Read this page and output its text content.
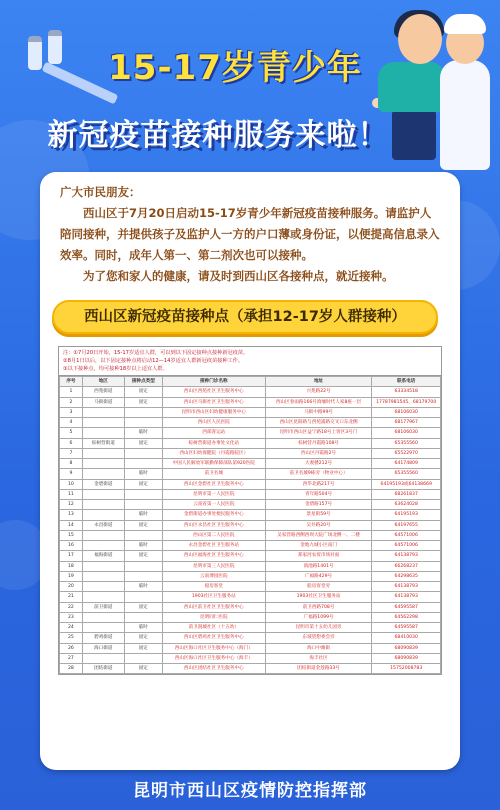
15-17岁青少年
新冠疫苗接种服务来啦！

广大市民朋友：

西山区于7月20日启动15-17岁青少年新冠疫苗接种服务。请监护人陪同接种，并提供孩子及监护人一方的户口薄或身份证，以便提高信息录入效率。同时，成年人第一、第二剂次也可以接种。

为了您和家人的健康，请及时到西山区各接种点，就近接种。

西山区新冠疫苗接种点（承担12-17岁人群接种）
注：①7月20日开始，15-17岁适宜人群，可以到以下固定接种点接种新冠疫苗。
②8月1日以后，以下固定接种点将启动12—14岁适宜人群新冠疫苗接种工作。
③以下接种点，均可接种18岁以上适宜人群。
序号	地区	接种点类型	接种门诊名称	地址	联系电话
1	西苑街道	固定	西山区西苑社区卫生服务中心	兴苑路22号	63334518
2	马街街道	固定	西山区马街社区卫生服务中心	西山区春雨路166号滇缅时代人家8座一层	17787981545、68179700
3			昆明市西山区妇幼健康服务中心	马街中路99号	68106030
4			西山区人民医院	西山区昆阳路与西苑浦路交叉口东北侧	68177967
5		临时	西部客运站	昆明市西山区益宁路18号上客区3号门	68106030
6	棕树营街道	固定	棕树营街道办事处文化站	棕树营丹霞路108号	65355560
7			西山区妇幼保健院（丹霞路院区）	西山区丹霞路2号	65522970
8			中国人民解放军联勤保障部队第920医院	大观楼212号	64174809
9		临时	前卫名城	前卫名城9栋旁（物业中心）	65355560
10	金碧街道	固定	西山区金碧社区卫生服务中心	西华北路217号	64195193或64138669
11			昆明市第一人民医院	青年路504号	68261837
12			云南省第一人民医院	金碧路157号	63624028
13		临时	金碧街道办事处便民服务中心	景星街59号	64195193
14	永昌街道	固定	西山区永昌社区卫生服务中心	吴井路20号	64197655
15			西山区第二人民医院	吴家营路西侧西坝大院广场北侧一、二楼	64571006
16		临时	永昌金碧社区卫生服务站	金地九城小区南门	64571006
17	福海街道	固定	西山区福海社区卫生服务中心	郑家河农贸市场对面	64138793
18			昆明市第三人民医院	滇池路1401号	66268237
19			云南博园医院	广福路429号	64298635
20		临时	船房客堂	船房客堂旁	64138793
21			1903社区卫生服务站	1903社区卫生服务站	64138793
22	前卫街道	固定	西山区前卫社区卫生服务中心	前卫西路708号	64595587
23			昆明同仁医院	广福路1099号	64562298
24		临时	前卫润城社区（十五幼）	昆明市第十五幼儿园旁	64595587
25	碧鸡街道	固定	西山区碧鸡社区卫生服务中心	东坡望想委会旁	68410030
26	海口街道	固定	西山区海口社区卫生服务中心（海门）	海口中滩街	68090839
27			西山区海口社区卫生服务中心（海丰）	海丰社区	68090839
28	团结街道	固定	西山区团结社区卫生服务中心	团结街道金莲路33号	15752008783
昆明市西山区疫情防控指挥部
